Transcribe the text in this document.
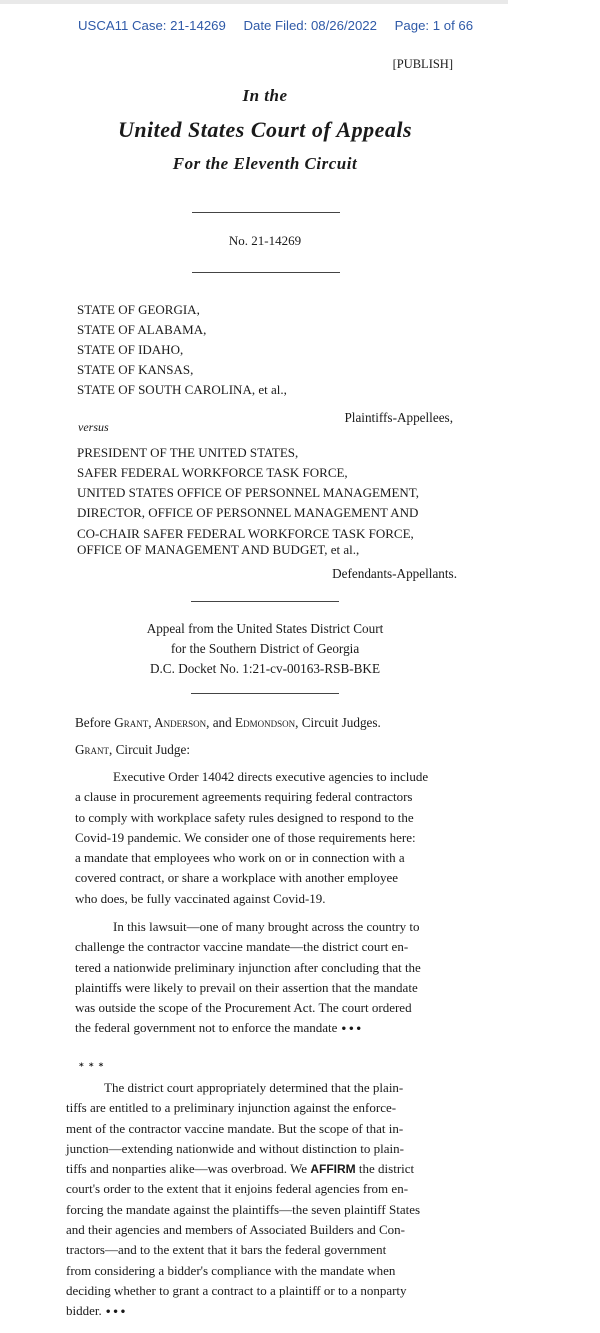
USCA11 Case: 21-14269 Date Filed: 08/26/2022 Page: 1 of 66
[PUBLISH]
In the
United States Court of Appeals
For the Eleventh Circuit
No. 21-14269
STATE OF GEORGIA,
STATE OF ALABAMA,
STATE OF IDAHO,
STATE OF KANSAS,
STATE OF SOUTH CAROLINA, et al.,
Plaintiffs-Appellees,
versus
PRESIDENT OF THE UNITED STATES,
SAFER FEDERAL WORKFORCE TASK FORCE,
UNITED STATES OFFICE OF PERSONNEL MANAGEMENT,
DIRECTOR, OFFICE OF PERSONNEL MANAGEMENT AND
CO-CHAIR SAFER FEDERAL WORKFORCE TASK FORCE,
OFFICE OF MANAGEMENT AND BUDGET, et al.,
Defendants-Appellants.
Appeal from the United States District Court
for the Southern District of Georgia
D.C. Docket No. 1:21-cv-00163-RSB-BKE
Before Grant, Anderson, and Edmondson, Circuit Judges.
Grant, Circuit Judge:
Executive Order 14042 directs executive agencies to include
a clause in procurement agreements requiring federal contractors
to comply with workplace safety rules designed to respond to the
Covid-19 pandemic. We consider one of those requirements here:
a mandate that employees who work on or in connection with a
covered contract, or share a workplace with another employee
who does, be fully vaccinated against Covid-19.
In this lawsuit—one of many brought across the country to
challenge the contractor vaccine mandate—the district court en-
tered a nationwide preliminary injunction after concluding that the
plaintiffs were likely to prevail on their assertion that the mandate
was outside the scope of the Procurement Act. The court ordered
the federal government not to enforce the mandate •••
* * *
The district court appropriately determined that the plain-
tiffs are entitled to a preliminary injunction against the enforce-
ment of the contractor vaccine mandate. But the scope of that in-
junction—extending nationwide and without distinction to plain-
tiffs and nonparties alike—was overbroad. We AFFIRM the district
court's order to the extent that it enjoins federal agencies from en-
forcing the mandate against the plaintiffs—the seven plaintiff States
and their agencies and members of Associated Builders and Con-
tractors—and to the extent that it bars the federal government
from considering a bidder's compliance with the mandate when
deciding whether to grant a contract to a plaintiff or to a nonparty
bidder. •••
